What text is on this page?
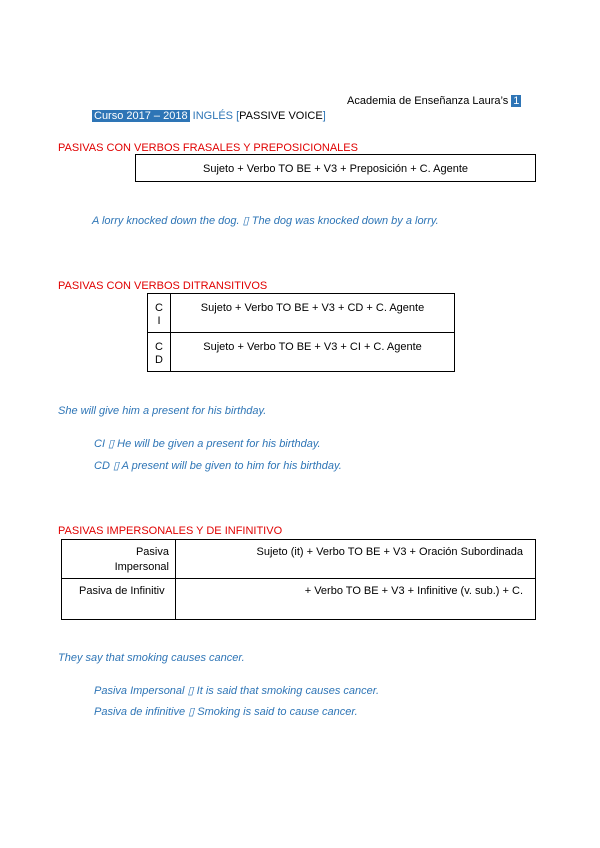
Academia de Enseñanza Laura’s 1
Curso 2017 – 2018 INGLÉS [PASSIVE VOICE]
PASIVAS CON VERBOS FRASALES Y PREPOSICIONALES
Sujeto + Verbo TO BE + V3 + Preposición + C. Agente
A lorry knocked down the dog. ▯ The dog was knocked down by a lorry.
PASIVAS CON VERBOS DITRANSITIVOS
C
I	Sujeto + Verbo TO BE + V3 + CD + C. Agente

C
D	Sujeto + Verbo TO BE + V3 + CI + C. Agente
She will give him a present for his birthday.
CI ▯ He will be given a present for his birthday.
CD ▯ A present will be given to him for his birthday.
PASIVAS IMPERSONALES Y DE INFINITIVO
Pasiva
Impersonal	Sujeto (it) + Verbo TO BE + V3 + Oración Subordinada

Pasiva de Infinitiv	+ Verbo TO BE + V3 + Infinitive (v. sub.) + C.
They say that smoking causes cancer.
Pasiva Impersonal ▯ It is said that smoking causes cancer.
Pasiva de infinitive ▯ Smoking is said to cause cancer.
